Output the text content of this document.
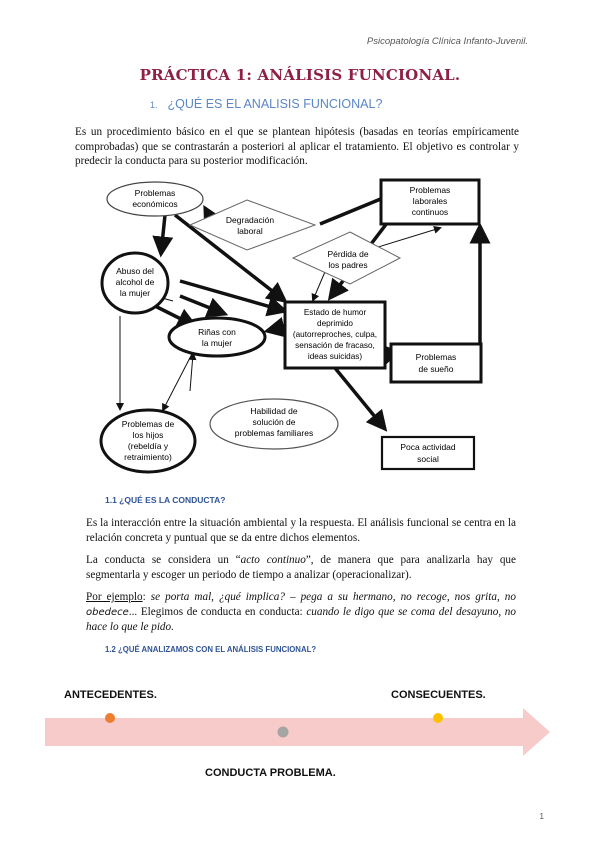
Psicopatología Clínica Infanto-Juvenil.
PRÁCTICA 1: ANÁLISIS FUNCIONAL.
1. ¿QUÉ ES EL ANALISIS FUNCIONAL?
Es un procedimiento básico en el que se plantean hipótesis (basadas en teorías empíricamente comprobadas) que se contrastarán a posteriori al aplicar el tratamiento. El objetivo es controlar y predecir la conducta para su posterior modificación.
Problemas
económicos
Degradación
laboral
Problemas
laborales
continuos
Pérdida de
los padres
Abuso del
alcohol de
la mujer
Estado de humor
deprimido
(autorreproches, culpa,
sensación de fracaso,
ideas suicidas)
Riñas con
la mujer
Problemas
de sueño
Habilidad de
solución de
problemas familiares
Problemas de
los hijos
(rebeldía y
retraimiento)
Poca actividad
social
1.1 ¿QUÉ ES LA CONDUCTA?
Es la interacción entre la situación ambiental y la respuesta. El análisis funcional se centra en la relación concreta y puntual que se da entre dichos elementos.
La conducta se considera un “acto continuo”, de manera que para analizarla hay que segmentarla y escoger un periodo de tiempo a analizar (operacionalizar).
Por ejemplo: se porta mal, ¿qué implica? – pega a su hermano, no recoge, nos grita, no obedece... Elegimos de conducta en conducta: cuando le digo que se coma del desayuno, no hace lo que le pido.
1.2 ¿QUÉ ANALIZAMOS CON EL ANÁLISIS FUNCIONAL?
ANTECEDENTES.	CONSECUENTES.
CONDUCTA PROBLEMA.
1
